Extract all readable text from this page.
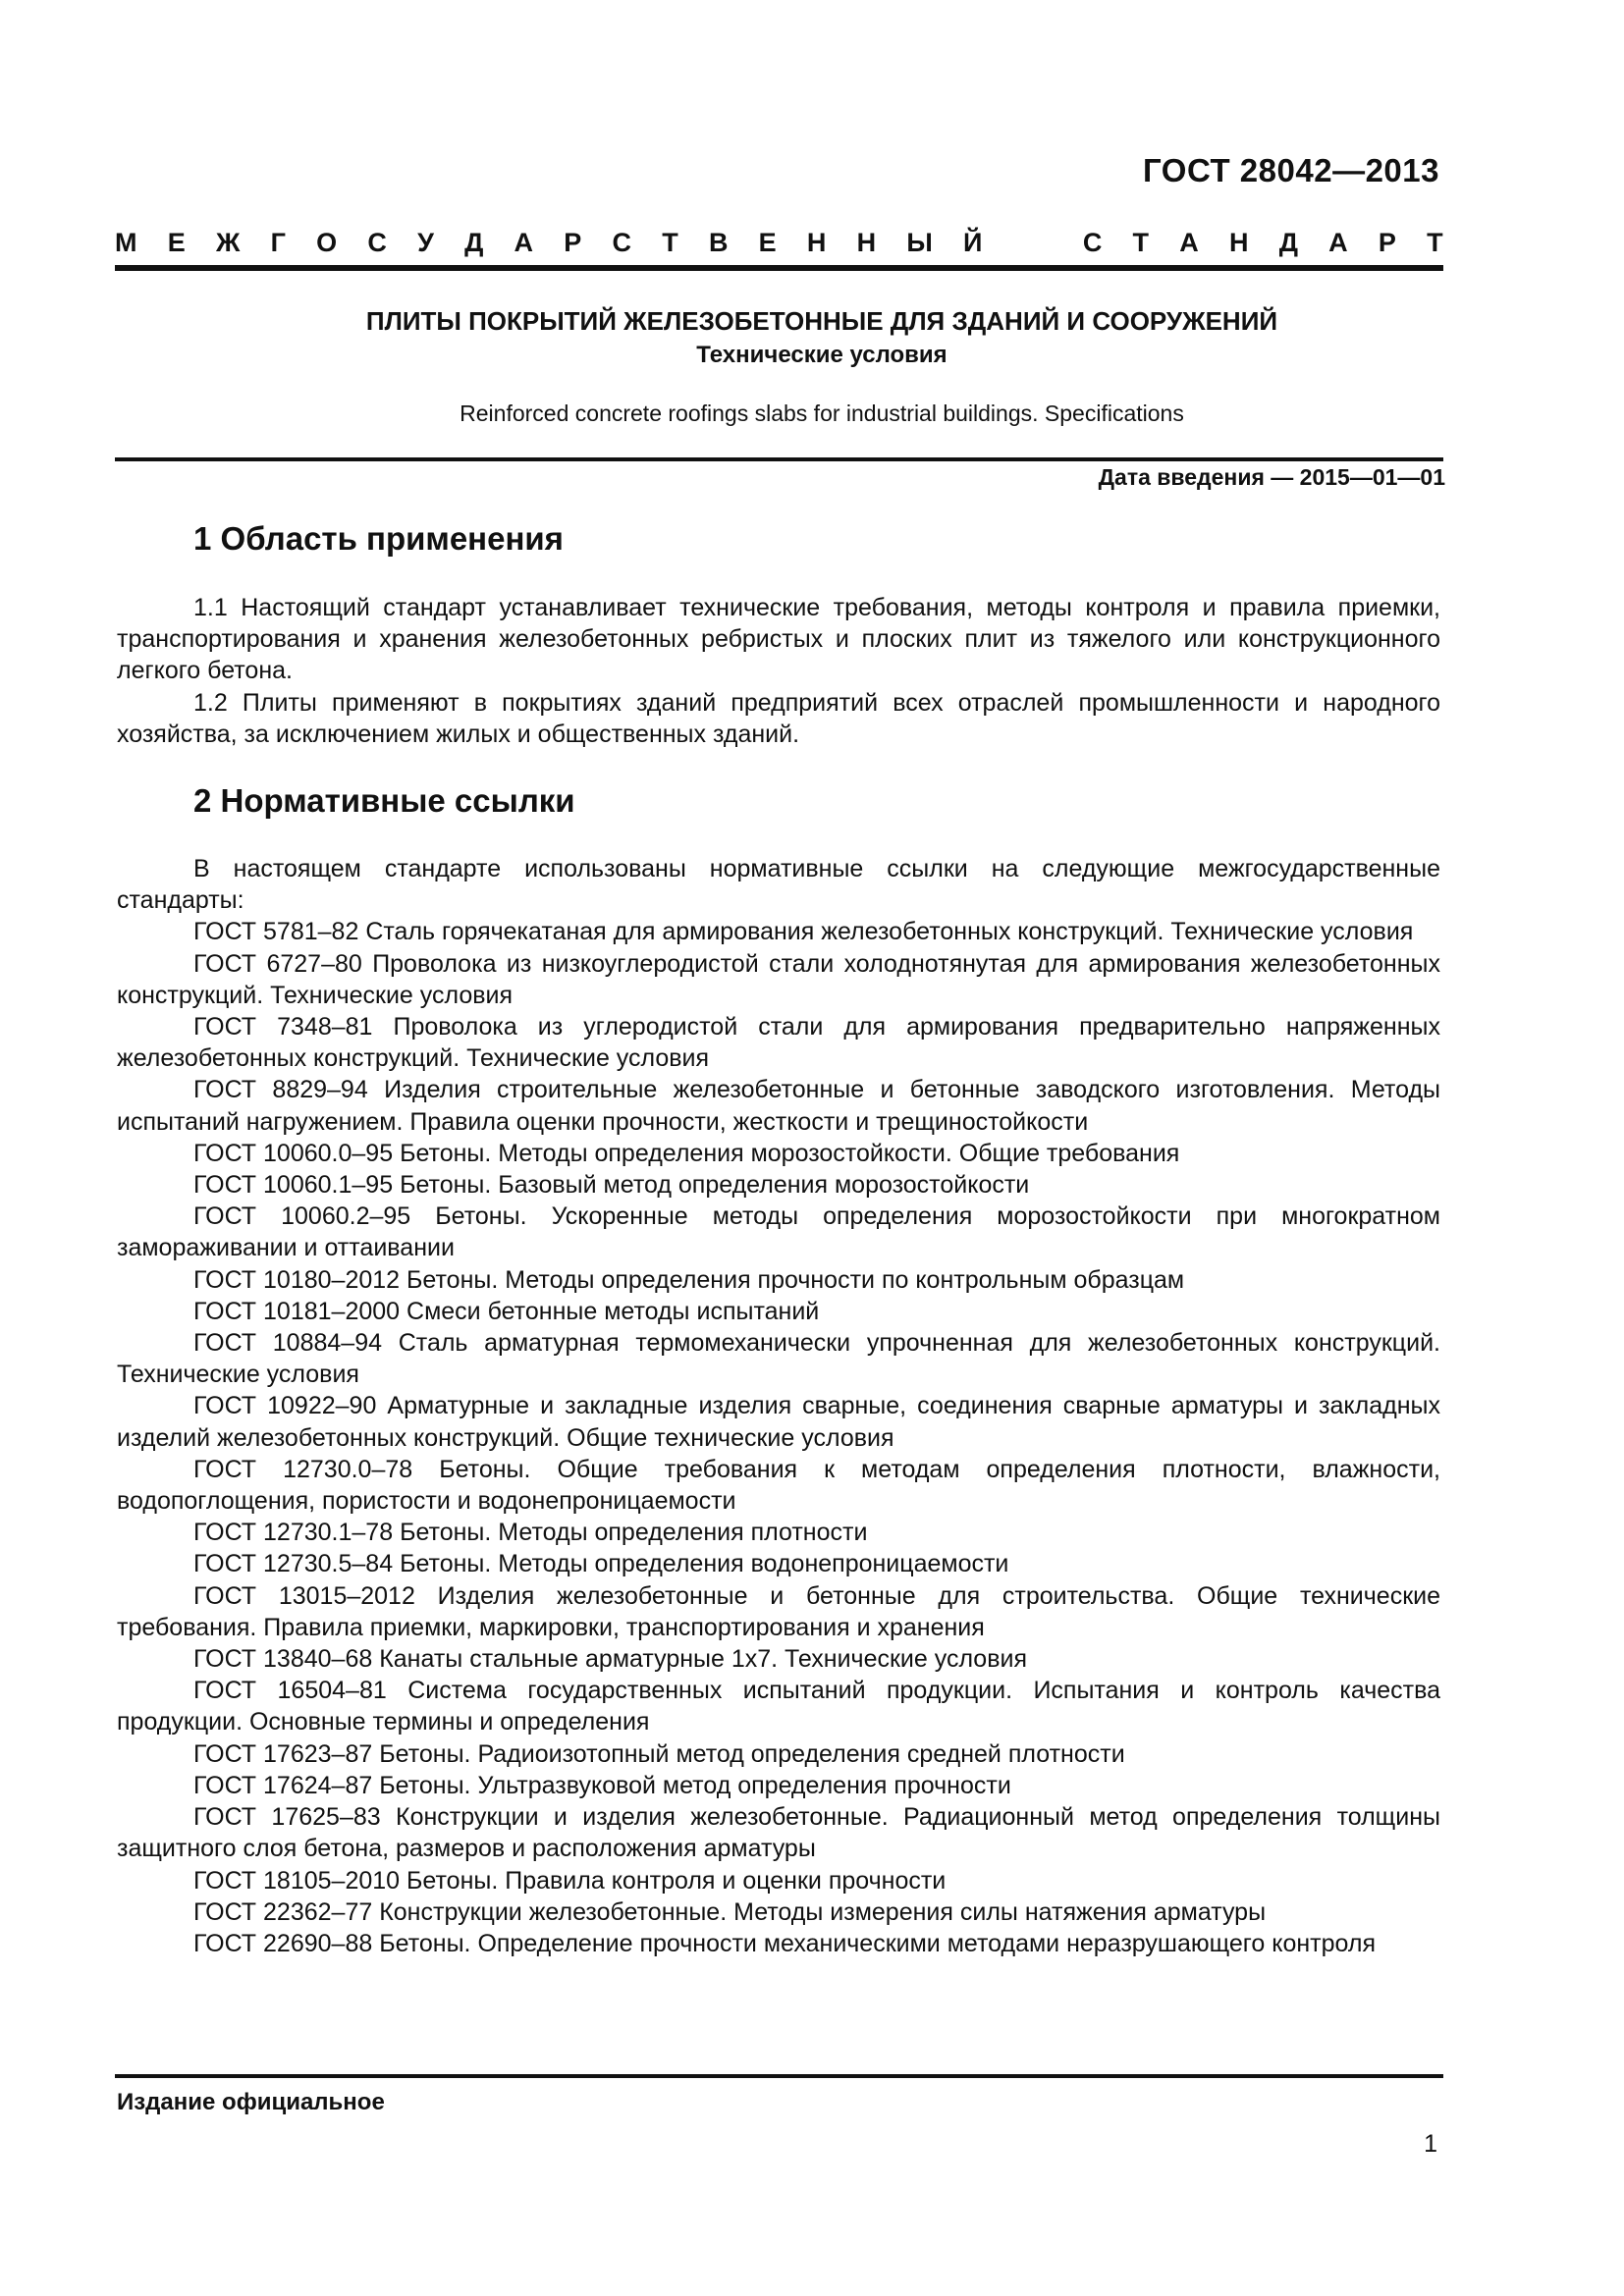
ГОСТ 28042—2013
М Е Ж Г О С У Д А Р С Т В Е Н Н Ы Й	С Т А Н Д А Р Т
ПЛИТЫ ПОКРЫТИЙ ЖЕЛЕЗОБЕТОННЫЕ ДЛЯ ЗДАНИЙ И СООРУЖЕНИЙ
Технические условия
Reinforced concrete roofings slabs for industrial buildings. Specifications
Дата введения — 2015—01—01
1 Область применения

1.1 Настоящий стандарт устанавливает технические требования, методы контроля и правила приемки, транспортирования и хранения железобетонных ребристых и плоских плит из тяжелого или конструкционного легкого бетона.

1.2 Плиты применяют в покрытиях зданий предприятий всех отраслей промышленности и народного хозяйства, за исключением жилых и общественных зданий.

2 Нормативные ссылки

В настоящем стандарте использованы нормативные ссылки на следующие межгосударственные стандарты:

ГОСТ 5781–82 Сталь горячекатаная для армирования железобетонных конструкций. Технические условия

ГОСТ 6727–80 Проволока из низкоуглеродистой стали холоднотянутая для армирования железобетонных конструкций. Технические условия

ГОСТ 7348–81 Проволока из углеродистой стали для армирования предварительно напряженных железобетонных конструкций. Технические условия

ГОСТ 8829–94 Изделия строительные железобетонные и бетонные заводского изготовления. Методы испытаний нагружением. Правила оценки прочности, жесткости и трещиностойкости

ГОСТ 10060.0–95 Бетоны. Методы определения морозостойкости. Общие требования

ГОСТ 10060.1–95 Бетоны. Базовый метод определения морозостойкости

ГОСТ 10060.2–95 Бетоны. Ускоренные методы определения морозостойкости при многократном замораживании и оттаивании

ГОСТ 10180–2012 Бетоны. Методы определения прочности по контрольным образцам

ГОСТ 10181–2000 Смеси бетонные методы испытаний

ГОСТ 10884–94 Сталь арматурная термомеханически упрочненная для железобетонных конструкций. Технические условия

ГОСТ 10922–90 Арматурные и закладные изделия сварные, соединения сварные арматуры и закладных изделий железобетонных конструкций. Общие технические условия

ГОСТ 12730.0–78 Бетоны. Общие требования к методам определения плотности, влажности, водопоглощения, пористости и водонепроницаемости

ГОСТ 12730.1–78 Бетоны. Методы определения плотности

ГОСТ 12730.5–84 Бетоны. Методы определения водонепроницаемости

ГОСТ 13015–2012 Изделия железобетонные и бетонные для строительства. Общие технические требования. Правила приемки, маркировки, транспортирования и хранения

ГОСТ 13840–68 Канаты стальные арматурные 1х7. Технические условия

ГОСТ 16504–81 Система государственных испытаний продукции. Испытания и контроль качества продукции. Основные термины и определения

ГОСТ 17623–87 Бетоны. Радиоизотопный метод определения средней плотности

ГОСТ 17624–87 Бетоны. Ультразвуковой метод определения прочности

ГОСТ 17625–83 Конструкции и изделия железобетонные. Радиационный метод определения толщины защитного слоя бетона, размеров и расположения арматуры

ГОСТ 18105–2010 Бетоны. Правила контроля и оценки прочности

ГОСТ 22362–77 Конструкции железобетонные. Методы измерения силы натяжения арматуры

ГОСТ 22690–88 Бетоны. Определение прочности механическими методами неразрушающего контроля

Издание официальное
1
